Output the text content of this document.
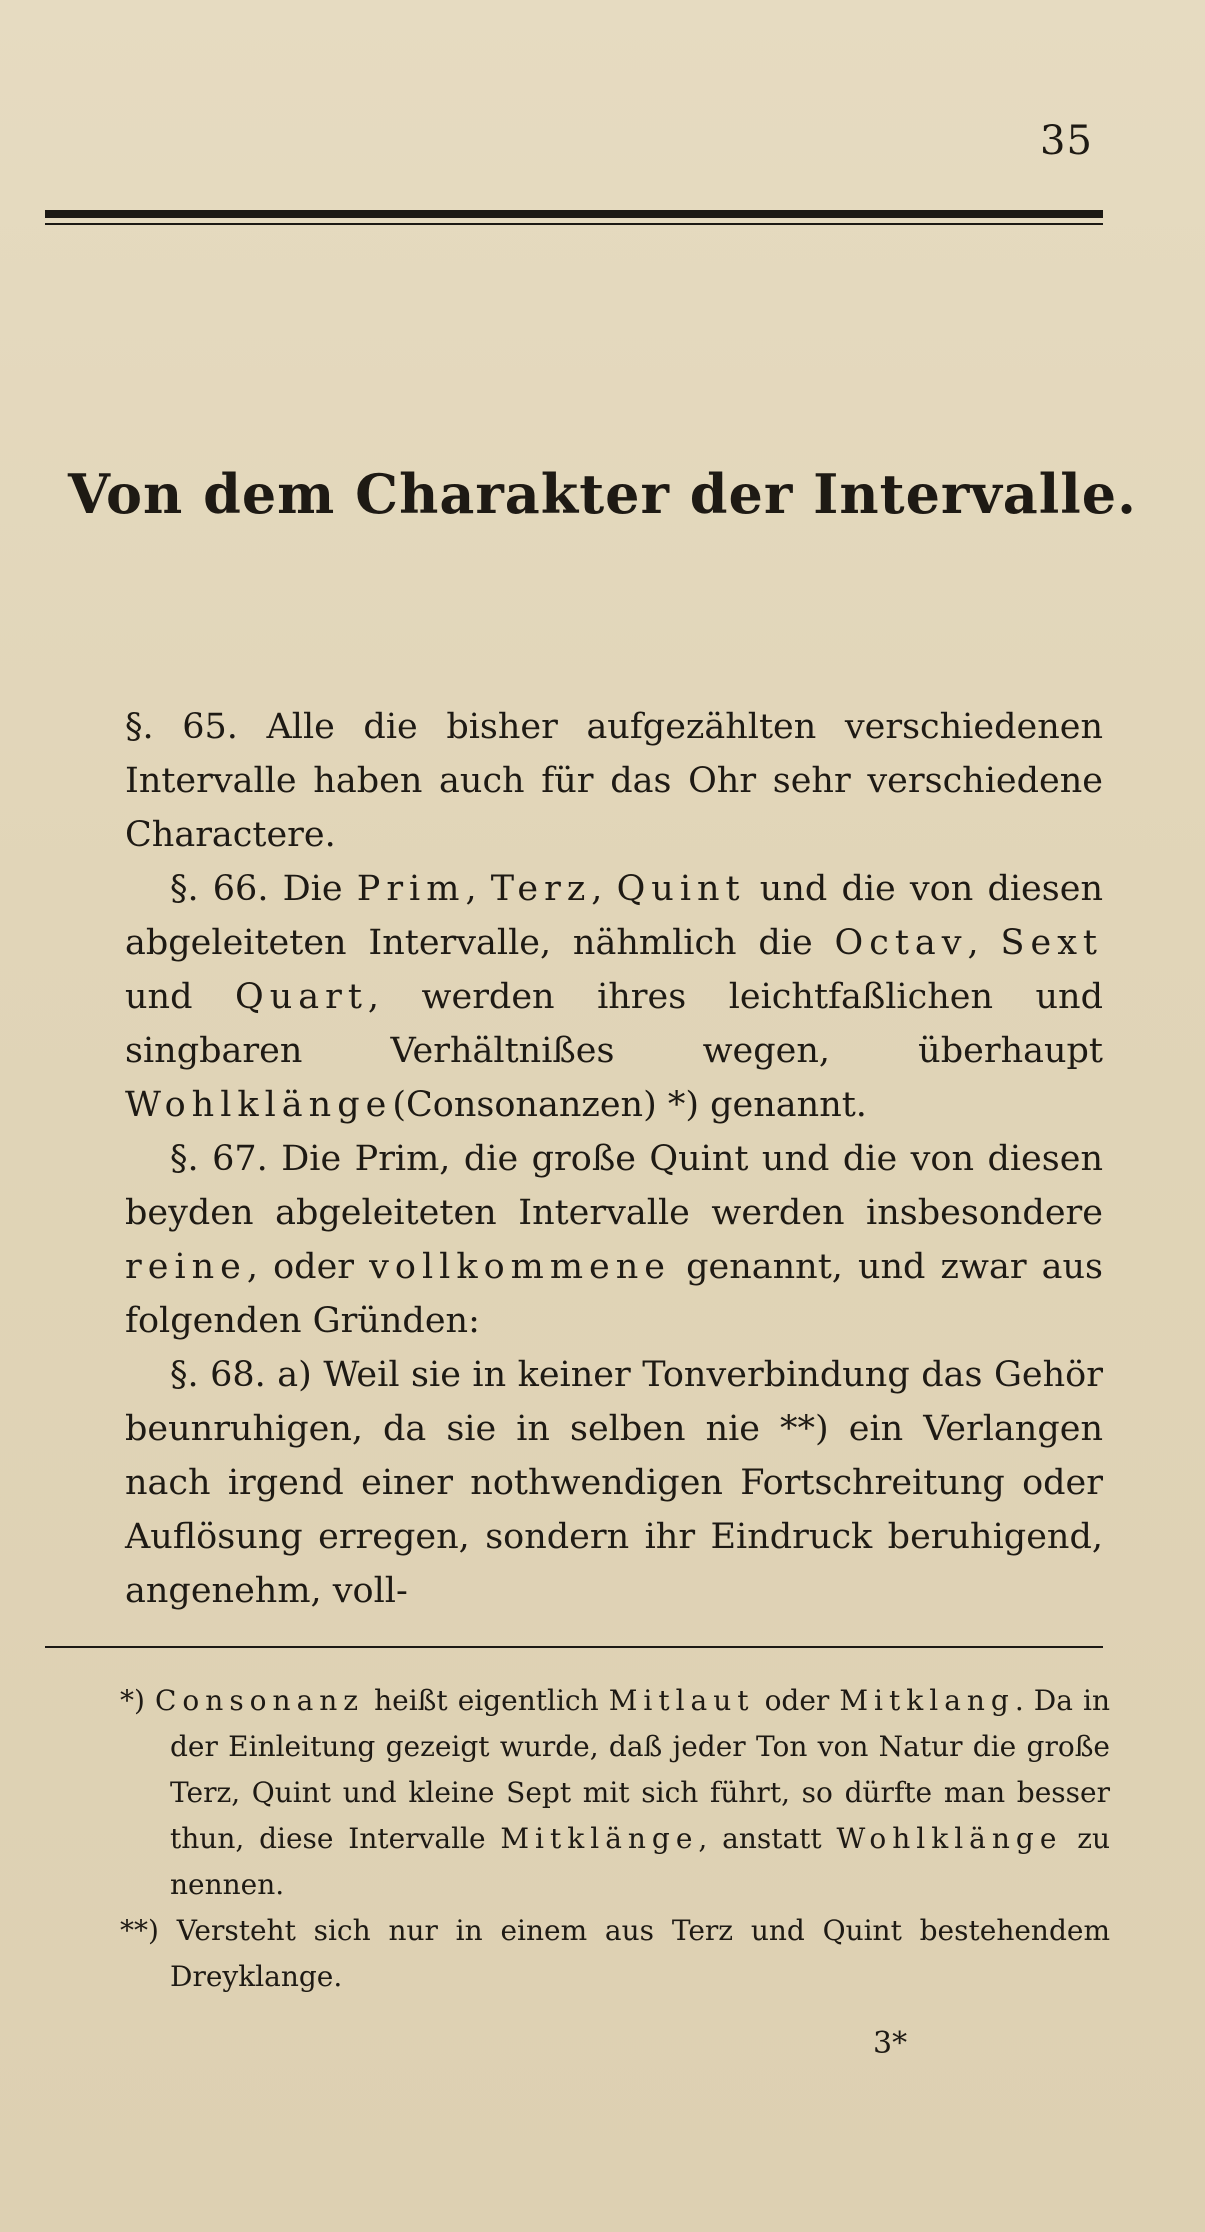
35
Von dem Charakter der Intervalle.

§. 65. Alle die bisher aufgezählten verschiedenen Intervalle haben auch für das Ohr sehr verschiedene Charactere.

§. 66. Die Prim, Terz, Quint und die von diesen abgeleiteten Intervalle, nähmlich die Octav, Sext und Quart, werden ihres leichtfaßlichen und singbaren Verhältnißes wegen, überhaupt Wohlklänge(Consonanzen) *) genannt.

§. 67. Die Prim, die große Quint und die von diesen beyden abgeleiteten Intervalle werden insbesondere reine, oder vollkommene genannt, und zwar aus folgenden Gründen:

§. 68. a) Weil sie in keiner Tonverbindung das Gehör beunruhigen, da sie in selben nie **) ein Verlangen nach irgend einer nothwendigen Fortschreitung oder Auflösung erregen, sondern ihr Eindruck beruhigend, angenehm, voll-

*) Consonanz heißt eigentlich Mitlaut oder Mitklang. Da in der Einleitung gezeigt wurde, daß jeder Ton von Natur die große Terz, Quint und kleine Sept mit sich führt, so dürfte man besser thun, diese Intervalle Mitklänge, anstatt Wohlklänge zu nennen.

**) Versteht sich nur in einem aus Terz und Quint bestehendem Dreyklange.

3*
